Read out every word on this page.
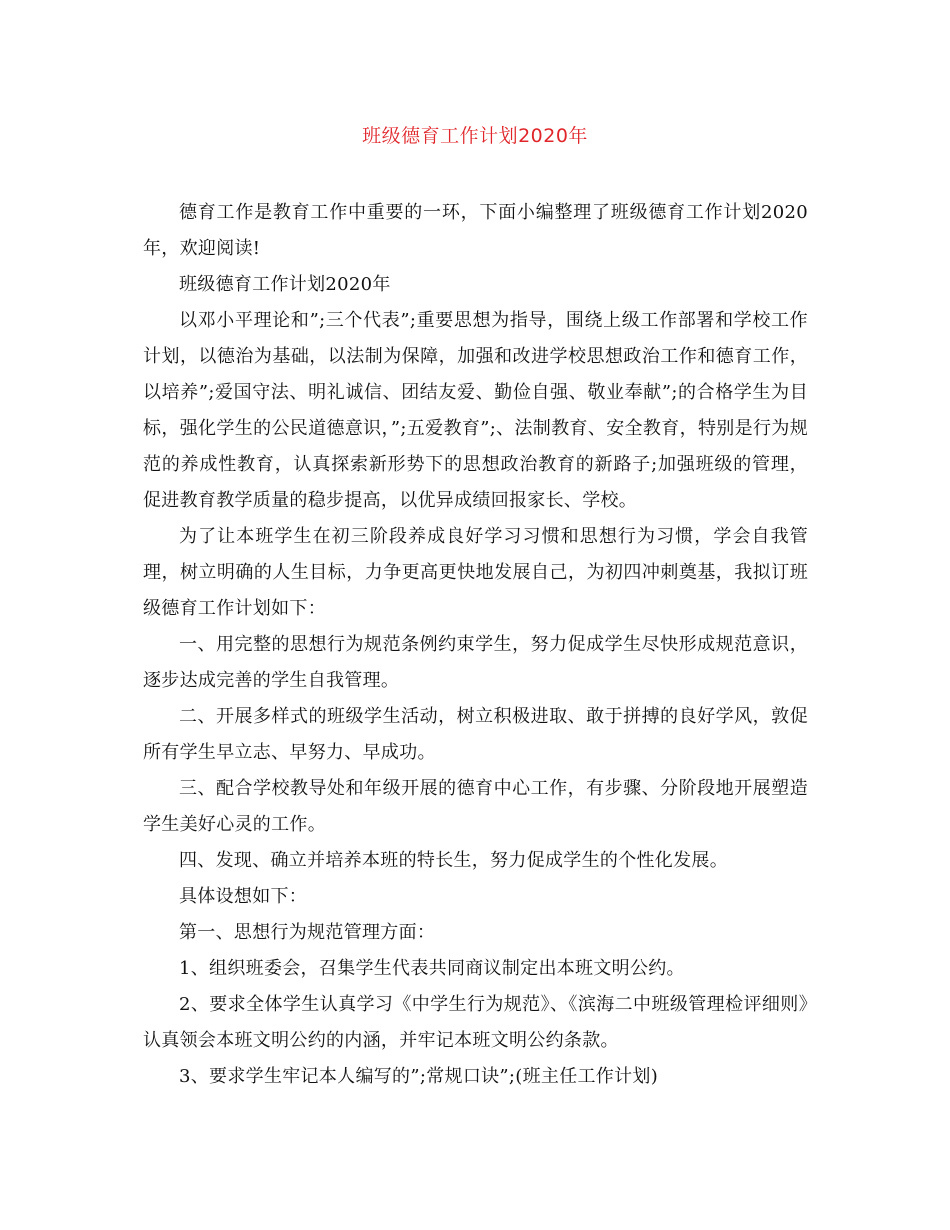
班级德育工作计划2020年

德育工作是教育工作中重要的一环，下面小编整理了班级德育工作计划2020年，欢迎阅读!

班级德育工作计划2020年

以邓小平理论和”;三个代表”;重要思想为指导，围绕上级工作部署和学校工作计划，以德治为基础，以法制为保障，加强和改进学校思想政治工作和德育工作，以培养”;爱国守法、明礼诚信、团结友爱、勤俭自强、敬业奉献”;的合格学生为目标，强化学生的公民道德意识，”;五爱教育”;、法制教育、安全教育，特别是行为规范的养成性教育，认真探索新形势下的思想政治教育的新路子;加强班级的管理，促进教育教学质量的稳步提高，以优异成绩回报家长、学校。

为了让本班学生在初三阶段养成良好学习习惯和思想行为习惯，学会自我管理，树立明确的人生目标，力争更高更快地发展自己，为初四冲刺奠基，我拟订班级德育工作计划如下：

一、用完整的思想行为规范条例约束学生，努力促成学生尽快形成规范意识，逐步达成完善的学生自我管理。

二、开展多样式的班级学生活动，树立积极进取、敢于拼搏的良好学风，敦促所有学生早立志、早努力、早成功。

三、配合学校教导处和年级开展的德育中心工作，有步骤、分阶段地开展塑造学生美好心灵的工作。

四、发现、确立并培养本班的特长生，努力促成学生的个性化发展。

具体设想如下：

第一、思想行为规范管理方面：

1、组织班委会，召集学生代表共同商议制定出本班文明公约。

2、要求全体学生认真学习《中学生行为规范》、《滨海二中班级管理检评细则》认真领会本班文明公约的内涵，并牢记本班文明公约条款。

3、要求学生牢记本人编写的”;常规口诀”;(班主任工作计划)
